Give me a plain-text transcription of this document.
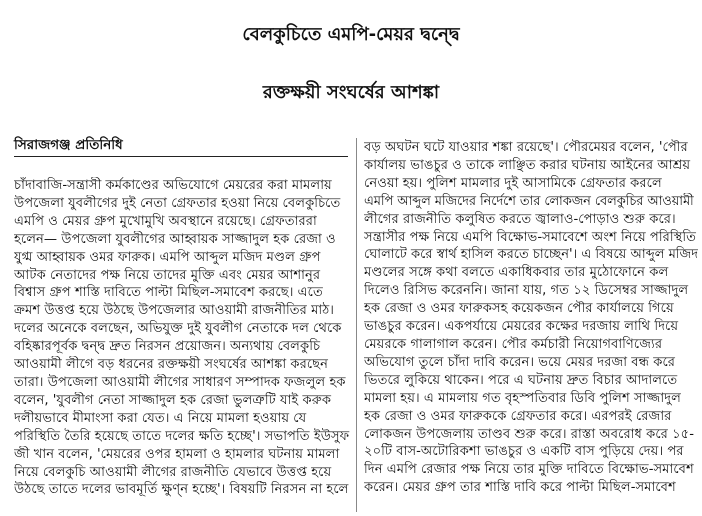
বেলকুচিতে এমপি-মেয়র দ্বন্দ্বে
রক্তক্ষয়ী সংঘর্ষের আশঙ্কা
সিরাজগঞ্জ প্রতিনিধি
চাঁদাবাজি-সন্ত্রাসী কর্মকাণ্ডের অভিযোগে মেয়রের করা মামলায়
উপজেলা যুবলীগের দুই নেতা গ্রেফতার হওয়া নিয়ে বেলকুচিতে
এমপি ও মেয়র গ্রুপ মুখোমুখি অবস্থানে রয়েছে। গ্রেফতাররা
হলেন— উপজেলা যুবলীগের আহ্বায়ক সাজ্জাদুল হক রেজা ও
যুগ্ম আহ্বায়ক ওমর ফারুক। এমপি আব্দুল মজিদ মণ্ডল গ্রুপ
আটক নেতাদের পক্ষ নিয়ে তাদের মুক্তি এবং মেয়র আশানুর
বিশ্বাস গ্রুপ শাস্তি দাবিতে পাল্টা মিছিল-সমাবেশ করছে। এতে
ক্রমশ উত্তপ্ত হয়ে উঠছে উপজেলার আওয়ামী রাজনীতির মাঠ।
দলের অনেকে বলছেন, অভিযুক্ত দুই যুবলীগ নেতাকে দল থেকে
বহিষ্কারপূর্বক দ্বন্দ্ব দ্রুত নিরসন প্রয়োজন। অন্যথায় বেলকুচি
আওয়ামী লীগে বড় ধরনের রক্তক্ষয়ী সংঘর্ষের আশঙ্কা করছেন
তারা। উপজেলা আওয়ামী লীগের সাধারণ সম্পাদক ফজলুল হক
বলেন, 'যুবলীগ নেতা সাজ্জাদুল হক রেজা ভুলত্রুটি যাই করুক
দলীয়ভাবে মীমাংসা করা যেত। এ নিয়ে মামলা হওয়ায় যে
পরিস্থিতি তৈরি হয়েছে তাতে দলের ক্ষতি হচ্ছে'। সভাপতি ইউসুফ
জী খান বলেন, 'মেয়রের ওপর হামলা ও হামলার ঘটনায় মামলা
নিয়ে বেলকুচি আওয়ামী লীগের রাজনীতি যেভাবে উত্তপ্ত হয়ে
উঠছে তাতে দলের ভাবমূর্তি ক্ষুণ্ন হচ্ছে'। বিষয়টি নিরসন না হলে
বড় অঘটন ঘটে যাওয়ার শঙ্কা রয়েছে'। পৌরমেয়র বলেন, 'পৌর
কার্যালয় ভাঙচুর ও তাকে লাঞ্ছিত করার ঘটনায় আইনের আশ্রয়
নেওয়া হয়। পুলিশ মামলার দুই আসামিকে গ্রেফতার করলে
এমপি আব্দুল মজিদের নির্দেশে তার লোকজন বেলকুচির আওয়ামী
লীগের রাজনীতি কলুষিত করতে জ্বালাও-পোড়াও শুরু করে।
সন্ত্রাসীর পক্ষ নিয়ে এমপি বিক্ষোভ-সমাবেশে অংশ নিয়ে পরিস্থিতি
ঘোলাটে করে স্বার্থ হাসিল করতে চাচ্ছেন'। এ বিষয়ে আব্দুল মজিদ
মণ্ডলের সঙ্গে কথা বলতে একাধিকবার তার মুঠোফোনে কল
দিলেও রিসিভ করেননি। জানা যায়, গত ১২ ডিসেম্বর সাজ্জাদুল
হক রেজা ও ওমর ফারুকসহ কয়েকজন পৌর কার্যালয়ে গিয়ে
ভাঙচুর করেন। একপর্যায়ে মেয়রের কক্ষের দরজায় লাথি দিয়ে
মেয়রকে গালাগাল করেন। পৌর কর্মচারী নিয়োগবাণিজ্যের
অভিযোগ তুলে চাঁদা দাবি করেন। ভয়ে মেয়র দরজা বন্ধ করে
ভিতরে লুকিয়ে থাকেন। পরে এ ঘটনায় দ্রুত বিচার আদালতে
মামলা হয়। এ মামলায় গত বৃহস্পতিবার ডিবি পুলিশ সাজ্জাদুল
হক রেজা ও ওমর ফারুককে গ্রেফতার করে। এরপরই রেজার
লোকজন উপজেলায় তাণ্ডব শুরু করে। রাস্তা অবরোধ করে ১৫-
২০টি বাস-অটোরিকশা ভাঙচুর ও একটি বাস পুড়িয়ে দেয়। পর
দিন এমপি রেজার পক্ষ নিয়ে তার মুক্তি দাবিতে বিক্ষোভ-সমাবেশ
করেন। মেয়র গ্রুপ তার শাস্তি দাবি করে পাল্টা মিছিল-সমাবেশ
